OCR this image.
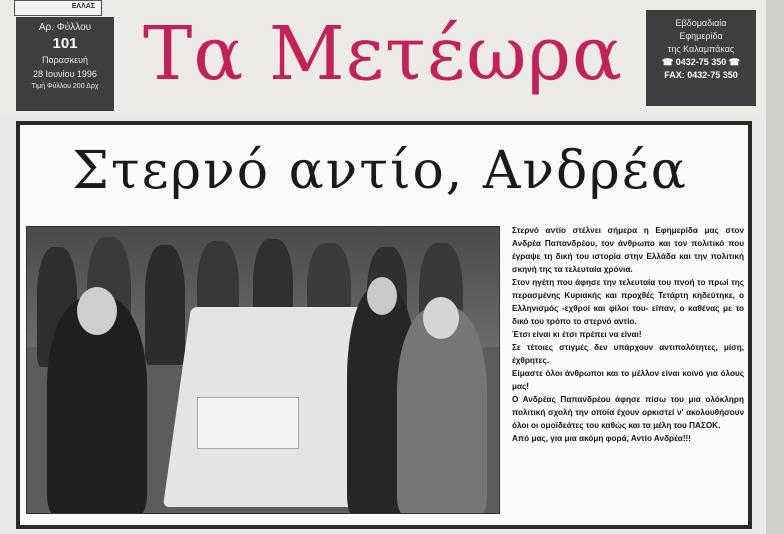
ΕΛΛΑΣ
Αρ. Φύλλου
101
Παρασκευή
28 Ιουνίου 1996
Τιμή Φύλλου 200 Δρχ Τα Μετέωρα	Εβδομαδιαία
Εφημερίδα
της Καλαμπάκας
☎ 0432-75 350 ☎
FAX: 0432-75 350
Στερνό αντίο, Ανδρέα

Στερνό αντίο στέλνει σήμερα η Εφημερίδα μας στον Ανδρέα Παπανδρέου, τον άνθρωπο και τον πολιτικό που έγραψε τη δική του ιστορία στην Ελλάδα και την πολιτική σκηνή της τα τελευταία χρόνια.

Στον ηγέτη που άφησε την τελευταία του πνοή το πρωί της περασμένης Κυριακής και προχθές Τετάρτη κηδεύτηκε, ο Ελληνισμός -εχθροί και φίλοι του- είπαν, ο καθένας με το δικό του τρόπο το στερνό αντίο.

Έτσι είναι κι έτσι πρέπει να είναι!

Σε τέτοιες στιγμές δεν υπάρχουν αντιπαλότητες, μίση, έχθρητες.

Είμαστε όλοι άνθρωποι και το μέλλον είναι κοινό για όλους μας!

Ο Ανδρέας Παπανδρέου άφησε πίσω του μια ολόκληρη πολιτική σχολή την οποία έχουν ορκιστεί ν' ακολουθήσουν όλοι οι ομοϊδεάτες του καθώς και τα μέλη του ΠΑΣΟΚ.

Από μας, για μια ακόμη φορά, Αντίο Ανδρέα!!!
